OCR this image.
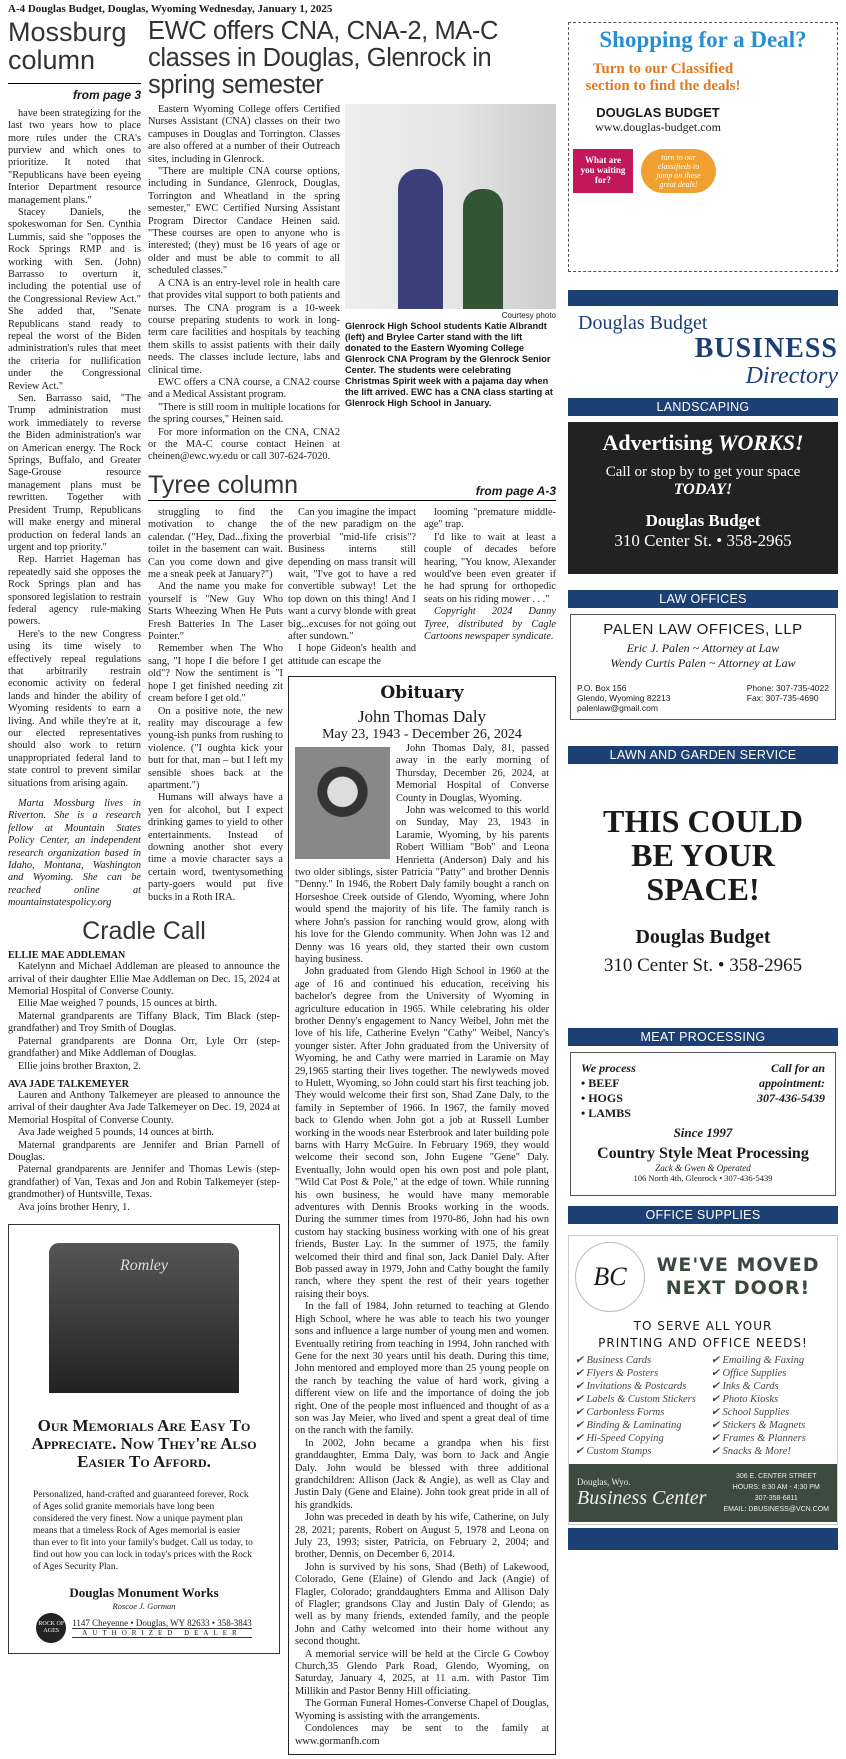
A-4 Douglas Budget, Douglas, Wyoming Wednesday, January 1, 2025
Mossburg column
from page 3

have been strategizing for the last two years how to place more rules under the CRA's purview and which ones to prioritize. It noted that "Republicans have been eyeing Interior Department resource management plans."

Stacey Daniels, the spokeswoman for Sen. Cynthia Lummis, said she "opposes the Rock Springs RMP and is working with Sen. (John) Barrasso to overturn it, including the potential use of the Congressional Review Act." She added that, "Senate Republicans stand ready to repeal the worst of the Biden administration's rules that meet the criteria for nullification under the Congressional Review Act."

Sen. Barrasso said, "The Trump administration must work immediately to reverse the Biden administration's war on American energy. The Rock Springs, Buffalo, and Greater Sage-Grouse resource management plans must be rewritten. Together with President Trump, Republicans will make energy and mineral production on federal lands an urgent and top priority."

Rep. Harriet Hageman has repeatedly said she opposes the Rock Springs plan and has sponsored legislation to restrain federal agency rule-making powers.

Here's to the new Congress using its time wisely to effectively repeal regulations that arbitrarily restrain economic activity on federal lands and hinder the ability of Wyoming residents to earn a living. And while they're at it, our elected representatives should also work to return unappropriated federal land to state control to prevent similar situations from arising again.

Marta Mossburg lives in Riverton. She is a research fellow at Mountain States Policy Center, an independent research organization based in Idaho, Montana, Washington and Wyoming. She can be reached online at mountainstatespolicy.org

EWC offers CNA, CNA-2, MA-C classes in Douglas, Glenrock in spring semester

Eastern Wyoming College offers Certified Nurses Assistant (CNA) classes on their two campuses in Douglas and Torrington. Classes are also offered at a number of their Outreach sites, including in Glenrock.

"There are multiple CNA course options, including in Sundance, Glenrock, Douglas, Torrington and Wheatland in the spring semester," EWC Certified Nursing Assistant Program Director Candace Heinen said. "These courses are open to anyone who is interested; (they) must be 16 years of age or older and must be able to commit to all scheduled classes."

A CNA is an entry-level role in health care that provides vital support to both patients and nurses. The CNA program is a 10-week course preparing students to work in long-term care facilities and hospitals by teaching them skills to assist patients with their daily needs. The classes include lecture, labs and clinical time.

EWC offers a CNA course, a CNA2 course and a Medical Assistant program.

"There is still room in multiple locations for the spring courses," Heinen said.

For more information on the CNA, CNA2 or the MA-C course contact Heinen at cheinen@ewc.wy.edu or call 307-624-7020.

Courtesy photo
Glenrock High School students Katie Albrandt (left) and Brylee Carter stand with the lift donated to the Eastern Wyoming College Glenrock CNA Program by the Glenrock Senior Center. The students were celebrating Christmas Spirit week with a pajama day when the lift arrived. EWC has a CNA class starting at Glenrock High School in January.
Tyree column	from page A-3

struggling to find the motivation to change the calendar. ("Hey, Dad...fixing the toilet in the basement can wait. Can you come down and give me a sneak peek at January?")

And the name you make for yourself is "New Guy Who Starts Wheezing When He Puts Fresh Batteries In The Laser Pointer."

Remember when The Who sang, "I hope I die before I get old"? Now the sentiment is "I hope I get finished needing zit cream before I get old."

On a positive note, the new reality may discourage a few young-ish punks from rushing to violence. ("I oughta kick your butt for that, man – but I left my sensible shoes back at the apartment.")

Humans will always have a yen for alcohol, but I expect drinking games to yield to other entertainments. Instead of downing another shot every time a movie character says a certain word, twentysomething party-goers would put five bucks in a Roth IRA.

Can you imagine the impact of the new paradigm on the proverbial "mid-life crisis"? Business interns still depending on mass transit will wait, "I've got to have a red convertible subway! Let the top down on this thing! And I want a curvy blonde with great big...excuses for not going out after sundown."

I hope Gideon's health and attitude can escape the

looming "premature middle-age" trap.

I'd like to wait at least a couple of decades before hearing, "You know, Alexander would've been even greater if he had sprung for orthopedic seats on his riding mower . . ."

Copyright 2024 Danny Tyree, distributed by Cagle Cartoons newspaper syndicate.

Obituary
John Thomas Daly
May 23, 1943 - December 26, 2024

John Thomas Daly, 81, passed away in the early morning of Thursday, December 26, 2024, at Memorial Hospital of Converse County in Douglas, Wyoming.

John was welcomed to this world on Sunday, May 23, 1943 in Laramie, Wyoming, by his parents Robert William "Bob" and Leona Henrietta (Anderson) Daly and his two older siblings, sister Patricia "Patty" and brother Dennis "Denny." In 1946, the Robert Daly family bought a ranch on Horseshoe Creek outside of Glendo, Wyoming, where John would spend the majority of his life. The family ranch is where John's passion for ranching would grow, along with his love for the Glendo community. When John was 12 and Denny was 16 years old, they started their own custom haying business.

John graduated from Glendo High School in 1960 at the age of 16 and continued his education, receiving his bachelor's degree from the University of Wyoming in agriculture education in 1965. While celebrating his older brother Denny's engagement to Nancy Weibel, John met the love of his life, Catherine Evelyn "Cathy" Weibel, Nancy's younger sister. After John graduated from the University of Wyoming, he and Cathy were married in Laramie on May 29,1965 starting their lives together. The newlyweds moved to Hulett, Wyoming, so John could start his first teaching job. They would welcome their first son, Shad Zane Daly, to the family in September of 1966. In 1967, the family moved back to Glendo when John got a job at Russell Lumber working in the woods near Esterbrook and later building pole barns with Harry McGuire. In February 1969, they would welcome their second son, John Eugene "Gene" Daly. Eventually, John would open his own post and pole plant, "Wild Cat Post & Pole," at the edge of town. While running his own business, he would have many memorable adventures with Dennis Brooks working in the woods. During the summer times from 1970-86, John had his own custom hay stacking business working with one of his great friends, Buster Lay. In the summer of 1975, the family welcomed their third and final son, Jack Daniel Daly. After Bob passed away in 1979, John and Cathy bought the family ranch, where they spent the rest of their years together raising their boys.

In the fall of 1984, John returned to teaching at Glendo High School, where he was able to teach his two younger sons and influence a large number of young men and women. Eventually retiring from teaching in 1994, John ranched with Gene for the next 30 years until his death. During this time, John mentored and employed more than 25 young people on the ranch by teaching the value of hard work, giving a different view on life and the importance of doing the job right. One of the people most influenced and thought of as a son was Jay Meier, who lived and spent a great deal of time on the ranch with the family.

In 2002, John became a grandpa when his first granddaughter, Emma Daly, was born to Jack and Angie Daly. John would be blessed with three additional grandchildren: Allison (Jack & Angie), as well as Clay and Justin Daly (Gene and Elaine). John took great pride in all of his grandkids.

John was preceded in death by his wife, Catherine, on July 28, 2021; parents, Robert on August 5, 1978 and Leona on July 23, 1993; sister, Patricia, on February 2, 2004; and brother, Dennis, on December 6, 2014.

John is survived by his sons, Shad (Beth) of Lakewood, Colorado, Gene (Elaine) of Glendo and Jack (Angie) of Flagler, Colorado; granddaughters Emma and Allison Daly of Flagler; grandsons Clay and Justin Daly of Glendo; as well as by many friends, extended family, and the people John and Cathy welcomed into their home without any second thought.

A memorial service will be held at the Circle G Cowboy Church,35 Glendo Park Road, Glendo, Wyoming, on Saturday, January 4, 2025, at 11 a.m. with Pastor Tim Millikin and Pastor Benny Hill officiating.

The Gorman Funeral Homes-Converse Chapel of Douglas, Wyoming is assisting with the arrangements.

Condolences may be sent to the family at www.gormanfh.com

Cradle Call
ELLIE MAE ADDLEMAN

Katelynn and Michael Addleman are pleased to announce the arrival of their daughter Ellie Mae Addleman on Dec. 15, 2024 at Memorial Hospital of Converse County.

Ellie Mae weighed 7 pounds, 15 ounces at birth.

Maternal grandparents are Tiffany Black, Tim Black (step-grandfather) and Troy Smith of Douglas.

Paternal grandparents are Donna Orr, Lyle Orr (step-grandfather) and Mike Addleman of Douglas.

Ellie joins brother Braxton, 2.

AVA JADE TALKEMEYER

Lauren and Anthony Talkemeyer are pleased to announce the arrival of their daughter Ava Jade Talkemeyer on Dec. 19, 2024 at Memorial Hospital of Converse County.

Ava Jade weighed 5 pounds, 14 ounces at birth.

Maternal grandparents are Jennifer and Brian Parnell of Douglas.

Paternal grandparents are Jennifer and Thomas Lewis (step-grandfather) of Van, Texas and Jon and Robin Talkemeyer (step-grandmother) of Huntsville, Texas.

Ava joins brother Henry, 1.

Romley
Our Memorials Are Easy To Appreciate. Now They're Also Easier To Afford.
Personalized, hand-crafted and guaranteed forever, Rock of Ages solid granite memorials have long been considered the very finest. Now a unique payment plan means that a timeless Rock of Ages memorial is easier than ever to fit into your family's budget. Call us today, to find out how you can lock in today's prices with the Rock of Ages Security Plan.
Douglas Monument Works
Roscoe J. Gorman
ROCK OF AGES
1147 Cheyenne • Douglas, WY 82633 • 358-3843
AUTHORIZED DEALER
Shopping for a Deal?
Turn to our Classified section to find the deals!
DOUGLAS BUDGET
www.douglas-budget.com
What are you waiting for?
turn to our classifieds to jump on these great deals!
Douglas Budget
BUSINESS
Directory
LANDSCAPING
Advertising WORKS!
Call or stop by to get your space
TODAY!
Douglas Budget
310 Center St. • 358-2965
LAW OFFICES
PALEN LAW OFFICES, LLP
Eric J. Palen ~ Attorney at Law
Wendy Curtis Palen ~ Attorney at Law
P.O. Box 156
Glendo, Wyoming 82213
palenlaw@gmail.com
Phone: 307-735-4022
Fax: 307-735-4690
LAWN AND GARDEN SERVICE
THIS COULD BE YOUR SPACE!
Douglas Budget
310 Center St. • 358-2965
MEAT PROCESSING
We process
• BEEF
• HOGS
• LAMBS
Call for an appointment:
307-436-5439
Since 1997
Country Style Meat Processing
Zack & Gwen & Operated
106 North 4th, Glenrock • 307-436-5439
OFFICE SUPPLIES
BC	WE'VE MOVED
NEXT DOOR!
TO SERVE ALL YOUR
PRINTING AND OFFICE NEEDS!
✔ Business Cards
✔ Flyers & Posters
✔ Invitations & Postcards
✔ Labels & Custom Stickers
✔ Carbonless Forms
✔ Binding & Laminating
✔ Hi-Speed Copying
✔ Custom Stamps
✔ Emailing & Faxing
✔ Office Supplies
✔ Inks & Cards
✔ Photo Kiosks
✔ School Supplies
✔ Stickers & Magnets
✔ Frames & Planners
✔ Snacks & More!
Douglas, Wyo.
Business Center
306 E. CENTER STREET
HOURS: 8:30 AM - 4:30 PM
307-358-6811
EMAIL: DBUSINESS@VCN.COM
